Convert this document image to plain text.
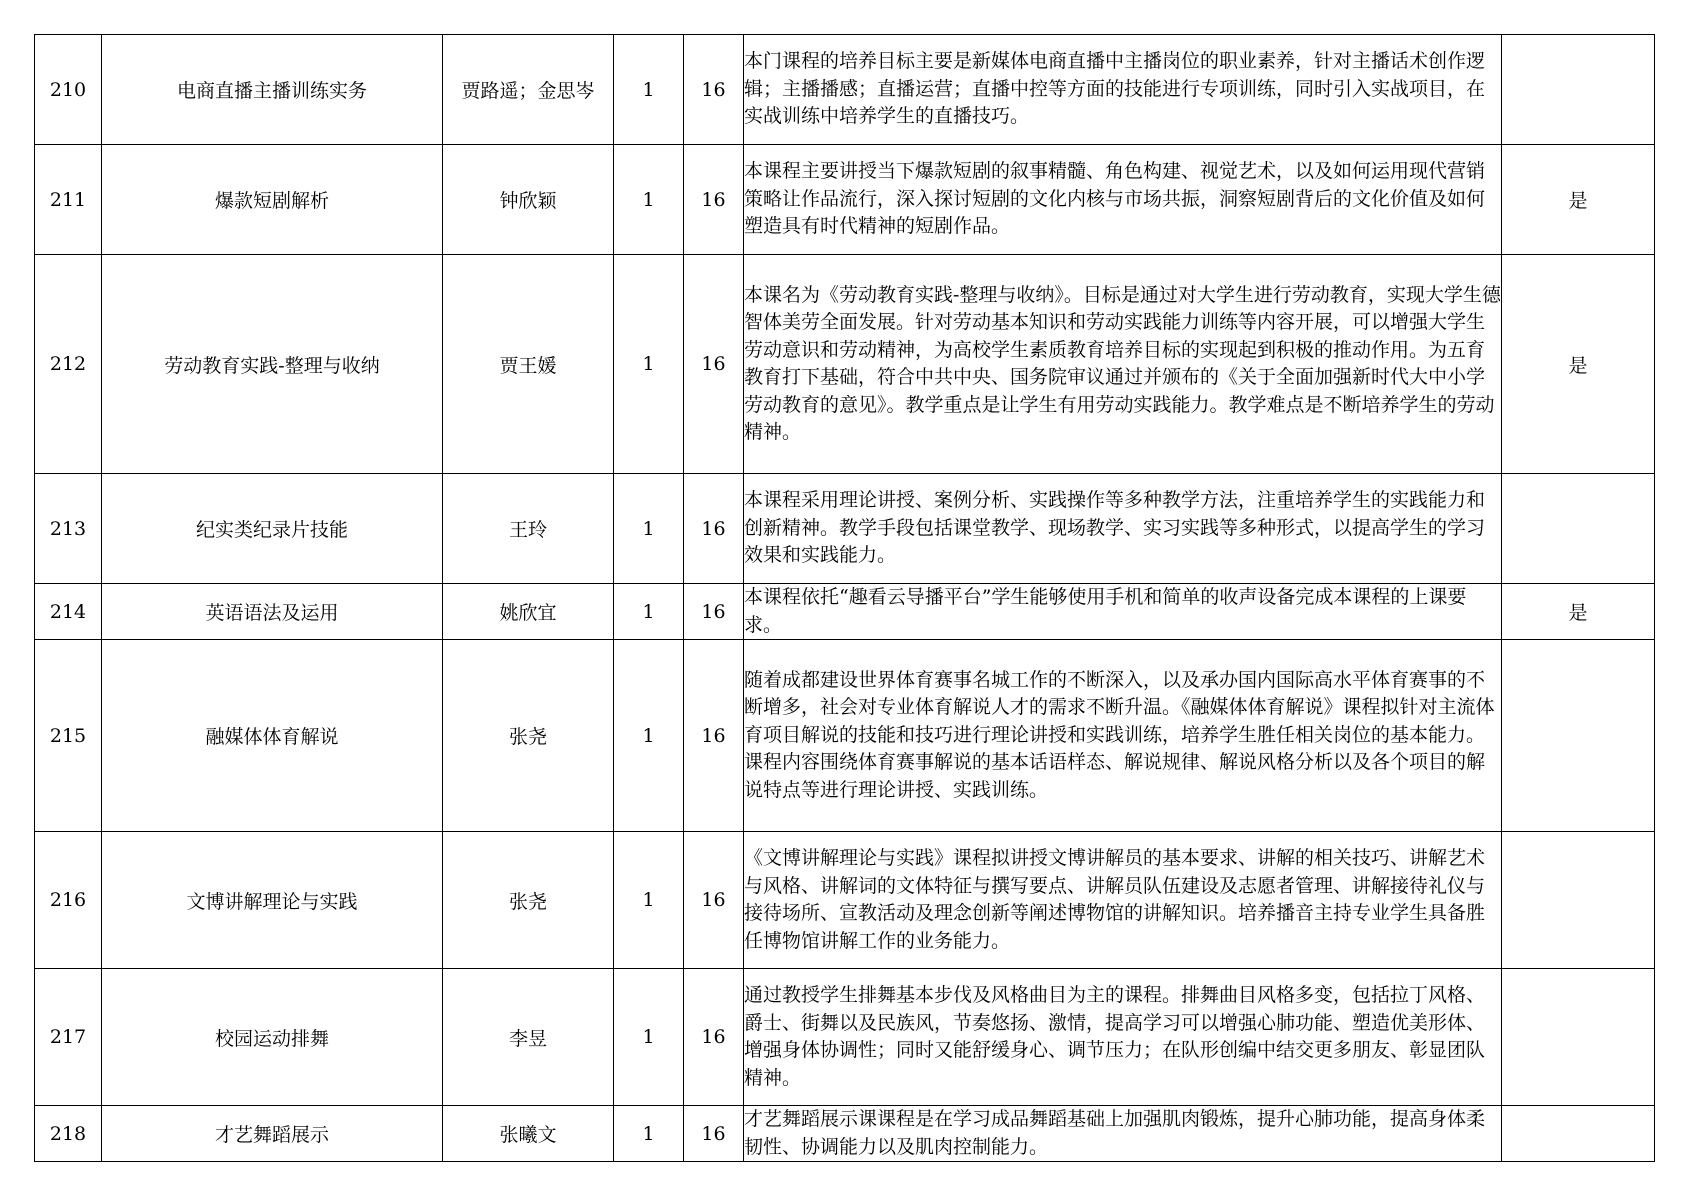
210	电商直播主播训练实务	贾路遥；金思岑	1	16	本门课程的培养目标主要是新媒体电商直播中主播岗位的职业素养，针对主播话术创作逻辑；主播播感；直播运营；直播中控等方面的技能进行专项训练，同时引入实战项目，在实战训练中培养学生的直播技巧。	
211	爆款短剧解析	钟欣颖	1	16	本课程主要讲授当下爆款短剧的叙事精髓、角色构建、视觉艺术，以及如何运用现代营销策略让作品流行，深入探讨短剧的文化内核与市场共振，洞察短剧背后的文化价值及如何塑造具有时代精神的短剧作品。	是
212	劳动教育实践-整理与收纳	贾王媛	1	16	本课名为《劳动教育实践-整理与收纳》。目标是通过对大学生进行劳动教育，实现大学生德智体美劳全面发展。针对劳动基本知识和劳动实践能力训练等内容开展，可以增强大学生劳动意识和劳动精神，为高校学生素质教育培养目标的实现起到积极的推动作用。为五育教育打下基础，符合中共中央、国务院审议通过并颁布的《关于全面加强新时代大中小学劳动教育的意见》。教学重点是让学生有用劳动实践能力。教学难点是不断培养学生的劳动精神。	是
213	纪实类纪录片技能	王玲	1	16	本课程采用理论讲授、案例分析、实践操作等多种教学方法，注重培养学生的实践能力和创新精神。教学手段包括课堂教学、现场教学、实习实践等多种形式，以提高学生的学习效果和实践能力。	
214	英语语法及运用	姚欣宜	1	16	本课程依托“趣看云导播平台”学生能够使用手机和简单的收声设备完成本课程的上课要求。	是
215	融媒体体育解说	张尧	1	16	随着成都建设世界体育赛事名城工作的不断深入，以及承办国内国际高水平体育赛事的不断增多，社会对专业体育解说人才的需求不断升温。《融媒体体育解说》课程拟针对主流体育项目解说的技能和技巧进行理论讲授和实践训练，培养学生胜任相关岗位的基本能力。课程内容围绕体育赛事解说的基本话语样态、解说规律、解说风格分析以及各个项目的解说特点等进行理论讲授、实践训练。	
216	文博讲解理论与实践	张尧	1	16	《文博讲解理论与实践》课程拟讲授文博讲解员的基本要求、讲解的相关技巧、讲解艺术与风格、讲解词的文体特征与撰写要点、讲解员队伍建设及志愿者管理、讲解接待礼仪与接待场所、宣教活动及理念创新等阐述博物馆的讲解知识。培养播音主持专业学生具备胜任博物馆讲解工作的业务能力。	
217	校园运动排舞	李昱	1	16	通过教授学生排舞基本步伐及风格曲目为主的课程。排舞曲目风格多变，包括拉丁风格、爵士、街舞以及民族风，节奏悠扬、激情，提高学习可以增强心肺功能、塑造优美形体、增强身体协调性；同时又能舒缓身心、调节压力；在队形创编中结交更多朋友、彰显团队精神。	
218	才艺舞蹈展示	张曦文	1	16	才艺舞蹈展示课课程是在学习成品舞蹈基础上加强肌肉锻炼，提升心肺功能，提高身体柔韧性、协调能力以及肌肉控制能力。	
